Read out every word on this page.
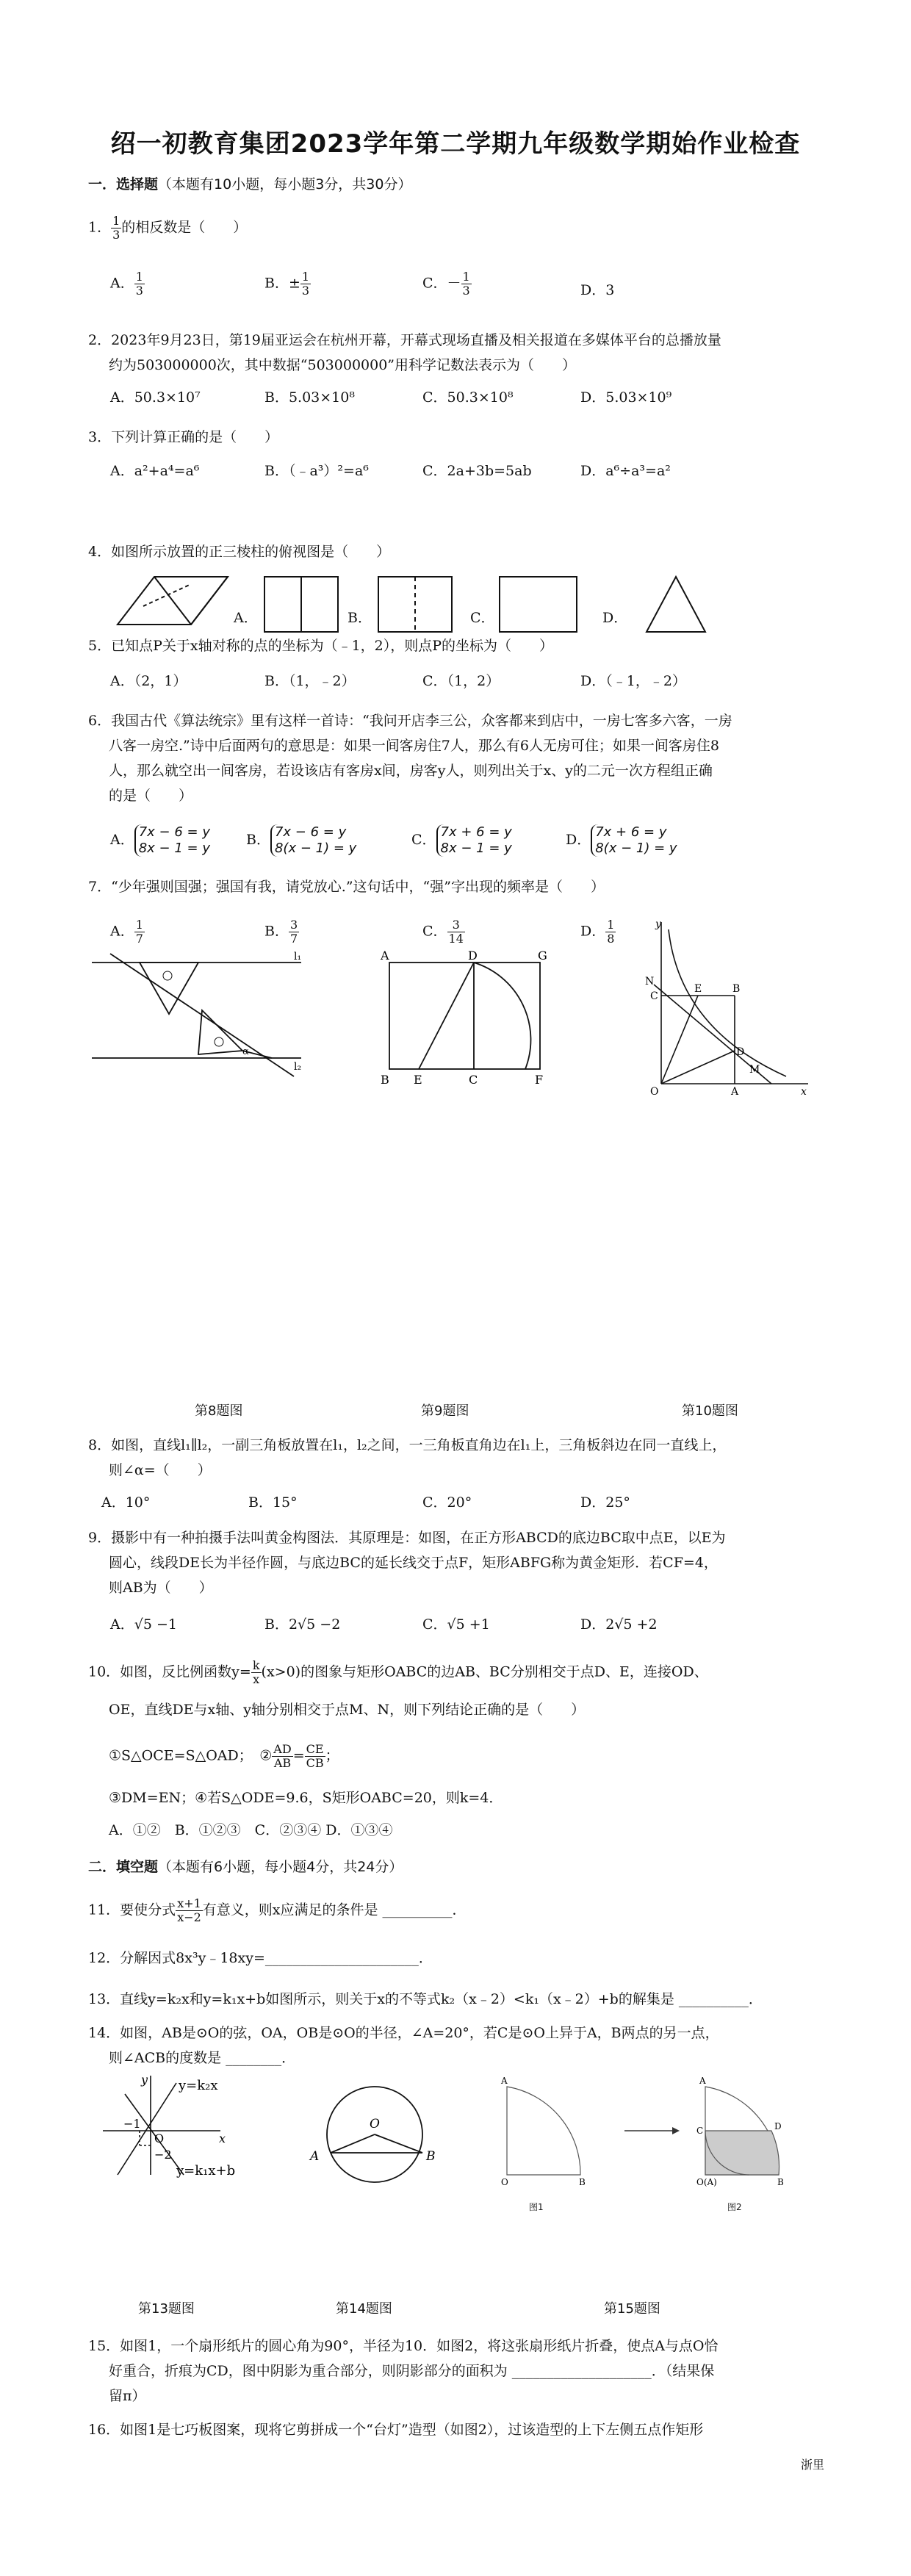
绍一初教育集团2023学年第二学期九年级数学期始作业检查
一．选择题（本题有10小题，每小题3分，共30分）
1． $\frac{1}{3}$ 的相反数是（　　）
A． $\frac{1}{3}$	B．± $\frac{1}{3}$	C．－ $\frac{1}{3}$	D．3
2．2023年9月23日，第19届亚运会在杭州开幕，开幕式现场直播及相关报道在多媒体平台的总播放量
约为503000000次，其中数据“503000000”用科学记数法表示为（　　）
A．50.3×10⁷	B．5.03×10⁸	C．50.3×10⁸	D．5.03×10⁹
3．下列计算正确的是（　　）
A．a²+a⁴=a⁶	B．（﹣a³）²=a⁶	C．2a+3b=5ab	D．a⁶÷a³=a²
4．如图所示放置的正三棱柱的俯视图是（　　）
A．	B．	C．	D．
5．已知点P关于x轴对称的点的坐标为（﹣1，2），则点P的坐标为（　　）
A．（2，1）	B．（1，﹣2）	C．（1，2）	D．（﹣1，﹣2）
6．我国古代《算法统宗》里有这样一首诗：“我问开店李三公，众客都来到店中，一房七客多六客，一房
八客一房空.”诗中后面两句的意思是：如果一间客房住7人，那么有6人无房可住；如果一间客房住8
人，那么就空出一间客房，若设该店有客房x间，房客y人，则列出关于x、y的二元一次方程组正确
的是（　　）
A． 7x − 6 = y
8x − 1 = y
B． 7x − 6 = y
8(x − 1) = y
C． 7x + 6 = y
8x − 1 = y
D． 7x + 6 = y
8(x − 1) = y
7．“少年强则国强；强国有我，请党放心.”这句话中，“强”字出现的频率是（　　）
A． $\frac{1}{7}$	B． $\frac{3}{7}$	C． $\frac{3}{14}$	D． $\frac{1}{8}$
l₁
l₂
α
A	D	G
B E	C	F
y
N
C
E	B
D
M
O	A	x
第8题图	第9题图	第10题图
8．如图，直线l₁∥l₂，一副三角板放置在l₁，l₂之间，一三角板直角边在l₁上，三角板斜边在同一直线上，
则∠α=（　　）
A．10°	B．15°	C．20°	D．25°
9．摄影中有一种拍摄手法叫黄金构图法．其原理是：如图，在正方形ABCD的底边BC取中点E，以E为
圆心，线段DE长为半径作圆，与底边BC的延长线交于点F，矩形ABFG称为黄金矩形．若CF=4，
则AB为（　　）
A．√5 −1	B．2√5 −2	C．√5 +1	D．2√5 +2
10．如图，反比例函数$y= \frac{k}{x} (x>0)$的图象与矩形OABC的边AB、BC分别相交于点D、E，连接OD、
OE，直线DE与x轴、y轴分别相交于点M、N，则下列结论正确的是（　　）
①S△OCE=S△OAD；　 ② $\frac{AD}{AB} = \frac{CE}{CB}$ ；
③DM=EN；④若S△ODE=9.6，S矩形OABC=20，则k=4．
A．①②　B．①②③　C．②③④ D．①③④
二．填空题（本题有6小题，每小题4分，共24分）
11．要使分式 $\frac{x+1}{x-2}$ 有意义，则x应满足的条件是 __________．
12．分解因式8x³y﹣18xy=______________________．
13．直线y=k₂x和y=k₁x+b如图所示，则关于x的不等式k₂（x﹣2）<k₁（x﹣2）+b的解集是 __________．
14．如图，AB是⊙O的弦，OA，OB是⊙O的半径，∠A=20°，若C是⊙O上异于A，B两点的另一点，
则∠ACB的度数是 ________．
y=k₂x
y=k₁x+b
−1
−2
O	x
y
O
A	B
A
O	B
A
C	D
O(A)	B
图1	图2
第13题图	第14题图	第15题图
15．如图1，一个扇形纸片的圆心角为90°，半径为10．如图2，将这张扇形纸片折叠，使点A与点O恰
好重合，折痕为CD，图中阴影为重合部分，则阴影部分的面积为 ____________________．（结果保
留π）
16．如图1是七巧板图案，现将它剪拼成一个“台灯”造型（如图2），过该造型的上下左侧五点作矩形
浙里
